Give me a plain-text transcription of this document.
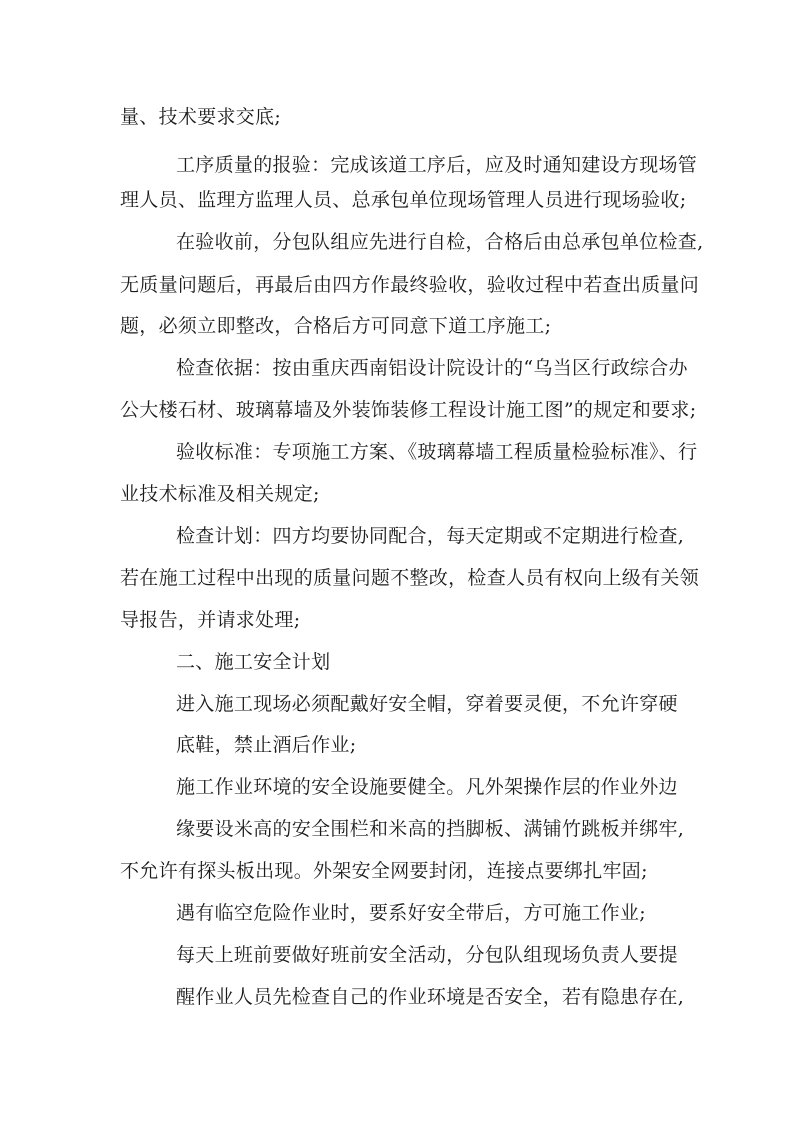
量、技术要求交底;
工序质量的报验：完成该道工序后，应及时通知建设方现场管
理人员、监理方监理人员、总承包单位现场管理人员进行现场验收;
在验收前，分包队组应先进行自检，合格后由总承包单位检查,
无质量问题后，再最后由四方作最终验收，验收过程中若查出质量问
题，必须立即整改，合格后方可同意下道工序施工;
检查依据：按由重庆西南铝设计院设计的“乌当区行政综合办
公大楼石材、玻璃幕墙及外装饰装修工程设计施工图”的规定和要求;
验收标准：专项施工方案、《玻璃幕墙工程质量检验标准》、行
业技术标准及相关规定;
检查计划：四方均要协同配合，每天定期或不定期进行检查,
若在施工过程中出现的质量问题不整改，检查人员有权向上级有关领
导报告，并请求处理;
二、施工安全计划
进入施工现场必须配戴好安全帽，穿着要灵便，不允许穿硬
底鞋，禁止酒后作业;
施工作业环境的安全设施要健全。凡外架操作层的作业外边
缘要设米高的安全围栏和米高的挡脚板、满铺竹跳板并绑牢,
不允许有探头板出现。外架安全网要封闭，连接点要绑扎牢固;
遇有临空危险作业时，要系好安全带后，方可施工作业;
每天上班前要做好班前安全活动，分包队组现场负责人要提
醒作业人员先检查自己的作业环境是否安全，若有隐患存在,
